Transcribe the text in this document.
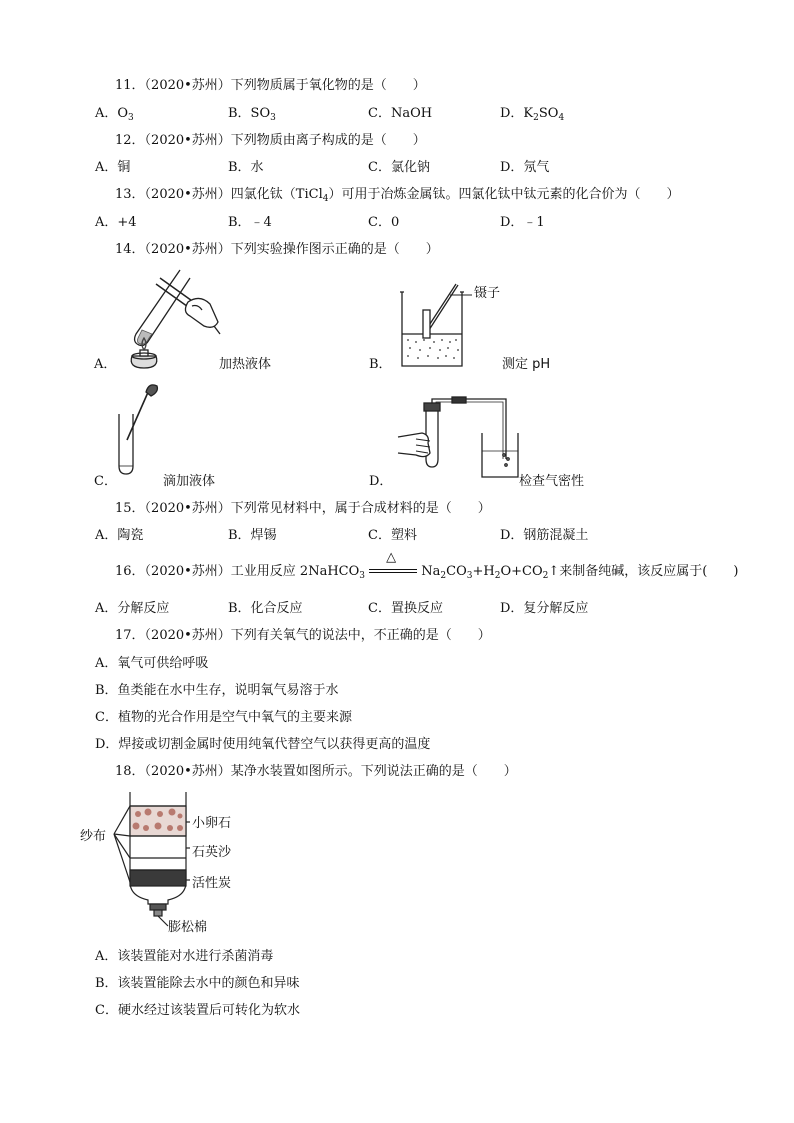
11．（2020•苏州）下列物质属于氧化物的是（　　）
A．$O_3$	B．$SO_3$	C．NaOH	D．$K_2SO_4$
12．（2020•苏州）下列物质由离子构成的是（　　）
A．铜	B．水	C．氯化钠	D．氖气
13．（2020•苏州）四氯化钛（TiCl$_4$）可用于冶炼金属钛。四氯化钛中钛元素的化合价为（　　）
A．+4	B．﹣4	C．0	D．﹣1
14．（2020•苏州）下列实验操作图示正确的是（　　）
A．	加热液体
镊子
B．	测定 pH
C．	滴加液体	D．	检查气密性
15．（2020•苏州）下列常见材料中，属于合成材料的是（　　）
A．陶瓷	B．焊锡	C．塑料	D．钢筋混凝土
16．（2020•苏州）工业用反应 2NaHCO$_3$
△
$Na_2CO_3+H_2O+CO_2↑$来制备纯碱，该反应属于(　　)
A．分解反应	B．化合反应	C．置换反应	D．复分解反应
17．（2020•苏州）下列有关氧气的说法中，不正确的是（　　）
A．氧气可供给呼吸
B．鱼类能在水中生存，说明氧气易溶于水
C．植物的光合作用是空气中氧气的主要来源
D．焊接或切割金属时使用纯氧代替空气以获得更高的温度
18．（2020•苏州）某净水装置如图所示。下列说法正确的是（　　）
纱布
小卵石
石英沙
活性炭
膨松棉
A．该装置能对水进行杀菌消毒
B．该装置能除去水中的颜色和异味
C．硬水经过该装置后可转化为软水
